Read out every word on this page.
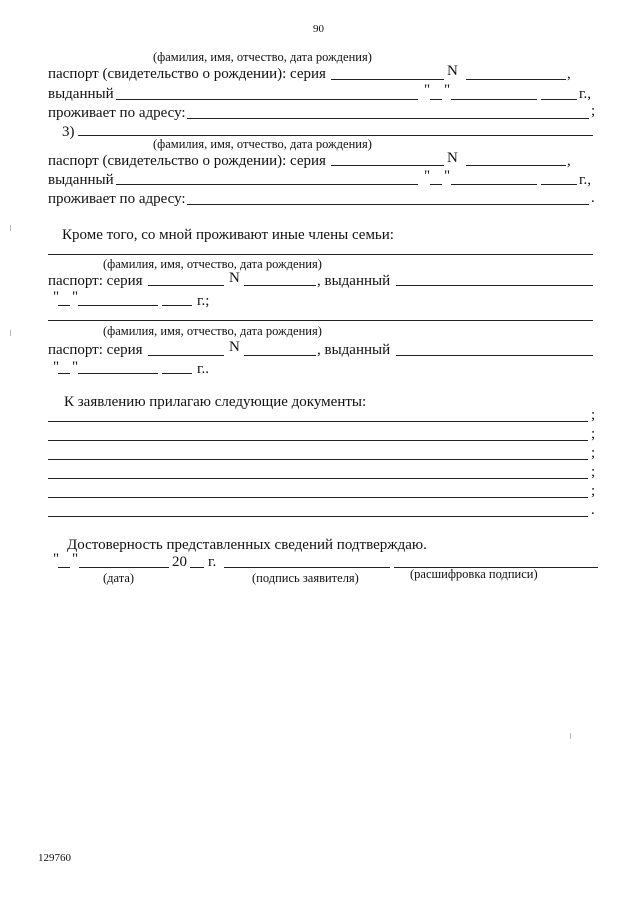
90
(фамилия, имя, отчество, дата рождения)
паспорт (свидетельство о рождении): серия	N	,
выданный	" "	г.,
проживает по адресу:	;
3)
(фамилия, имя, отчество, дата рождения)
паспорт (свидетельство о рождении): серия	N	,
выданный	" "	г.,
проживает по адресу:	.
Кроме того, со мной проживают иные члены семьи:
(фамилия, имя, отчество, дата рождения)
паспорт: серия	N	, выданный
" "	г.;
(фамилия, имя, отчество, дата рождения)
паспорт: серия	N	, выданный
" "	г..
К заявлению прилагаю следующие документы:
;
;
;
;
;
.
Достоверность представленных сведений подтверждаю.
" "	20 г.
(дата)	(подпись заявителя)	(расшифровка подписи)
129760
